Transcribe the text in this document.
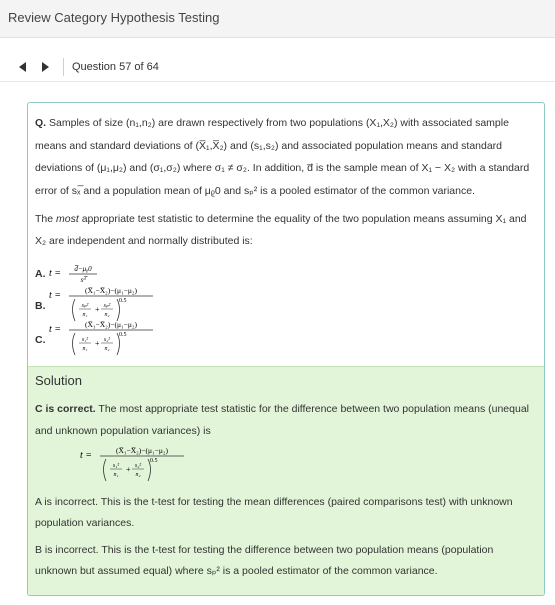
Review Category Hypothesis Testing
Question 57 of 64
Q. Samples of size (n₁,n₂) are drawn respectively from two populations (X₁,X₂) with associated sample means and standard deviations of (X̅₁,X̅₂) and (s₁,s₂) and associated population means and standard deviations of (μ₁,μ₂) and (σ₁,σ₂) where σ₁ ≠ σ₂. In addition, d̅ is the sample mean of X₁ − X₂ with a standard error of sₓ̅ and a population mean of μᵨ0 and sₚ² is a pooled estimator of the common variance.
The most appropriate test statistic to determine the equality of the two population means assuming X₁ and X₂ are independent and normally distributed is:
A. t = d̅−μᵨ0
sᵈ̅
B.
t =	(X̅₁−X̅₂)−(μ₁−μ₂)
sₚ²
n₁
+ sₚ²
n₂
0.5
C.
t =	(X̅₁−X̅₂)−(μ₁−μ₂)
s₁²
n₁
+ s₂²
n₂
0.5
Solution
C is correct. The most appropriate test statistic for the difference between two population means (unequal and unknown population variances) is
t =	(X̅₁−X̅₂)−(μ₁−μ₂)
s₁²
n₁
+ s₂²
n₂
0.5
A is incorrect. This is the t-test for testing the mean differences (paired comparisons test) with unknown population variances.
B is incorrect. This is the t-test for testing the difference between two population means (population unknown but assumed equal) where sₚ² is a pooled estimator of the common variance.
